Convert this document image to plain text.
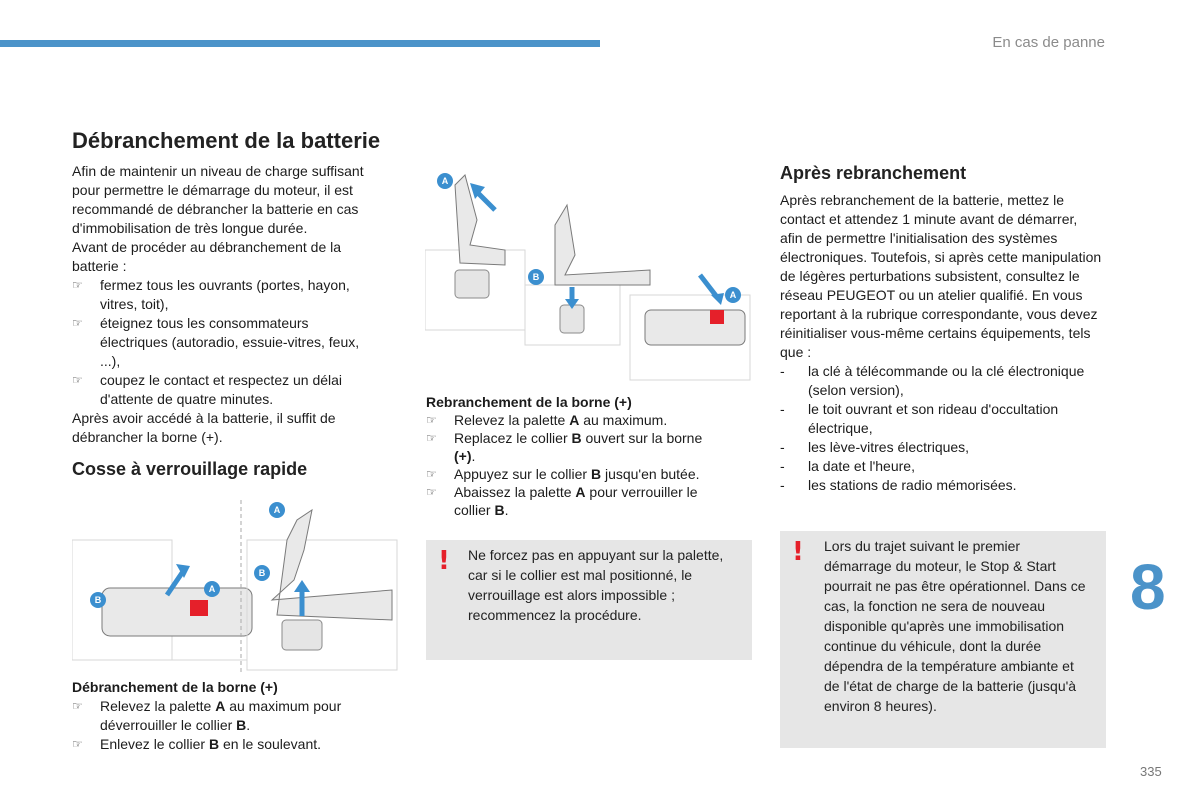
En cas de panne
Débranchement de la batterie

Afin de maintenir un niveau de charge suffisant

pour permettre le démarrage du moteur, il est

recommandé de débrancher la batterie en cas

d'immobilisation de très longue durée.

Avant de procéder au débranchement de la

batterie :

☞ fermez tous les ouvrants (portes, hayon, vitres, toit),
☞ éteignez tous les consommateurs électriques (autoradio, essuie-vitres, feux, ...),
☞ coupez le contact et respectez un délai d'attente de quatre minutes.

Après avoir accédé à la batterie, il suffit de débrancher la borne (+).

Cosse à verrouillage rapide
B
A
A
B

Débranchement de la borne (+)

☞ Relevez la palette A au maximum pour déverrouiller le collier B.
☞ Enlevez le collier B en le soulevant.
A
B
A

Rebranchement de la borne (+)

☞ Relevez la palette A au maximum.
☞ Replacez le collier B ouvert sur la borne (+).
☞ Appuyez sur le collier B jusqu'en butée.
☞ Abaissez la palette A pour verrouiller le collier B.
! Ne forcez pas en appuyant sur la palette, car si le collier est mal positionné, le verrouillage est alors impossible ; recommencez la procédure.
Après rebranchement

Après rebranchement de la batterie, mettez le contact et attendez 1 minute avant de démarrer, afin de permettre l'initialisation des systèmes électroniques. Toutefois, si après cette manipulation de légères perturbations subsistent, consultez le réseau PEUGEOT ou un atelier qualifié. En vous reportant à la rubrique correspondante, vous devez réinitialiser vous-même certains équipements, tels que :

- la clé à télécommande ou la clé électronique (selon version),
- le toit ouvrant et son rideau d'occultation électrique,
- les lève-vitres électriques,
- la date et l'heure,
- les stations de radio mémorisées.
! Lors du trajet suivant le premier démarrage du moteur, le Stop & Start pourrait ne pas être opérationnel. Dans ce cas, la fonction ne sera de nouveau disponible qu'après une immobilisation continue du véhicule, dont la durée dépendra de la température ambiante et de l'état de charge de la batterie (jusqu'à environ 8 heures).
8
335
